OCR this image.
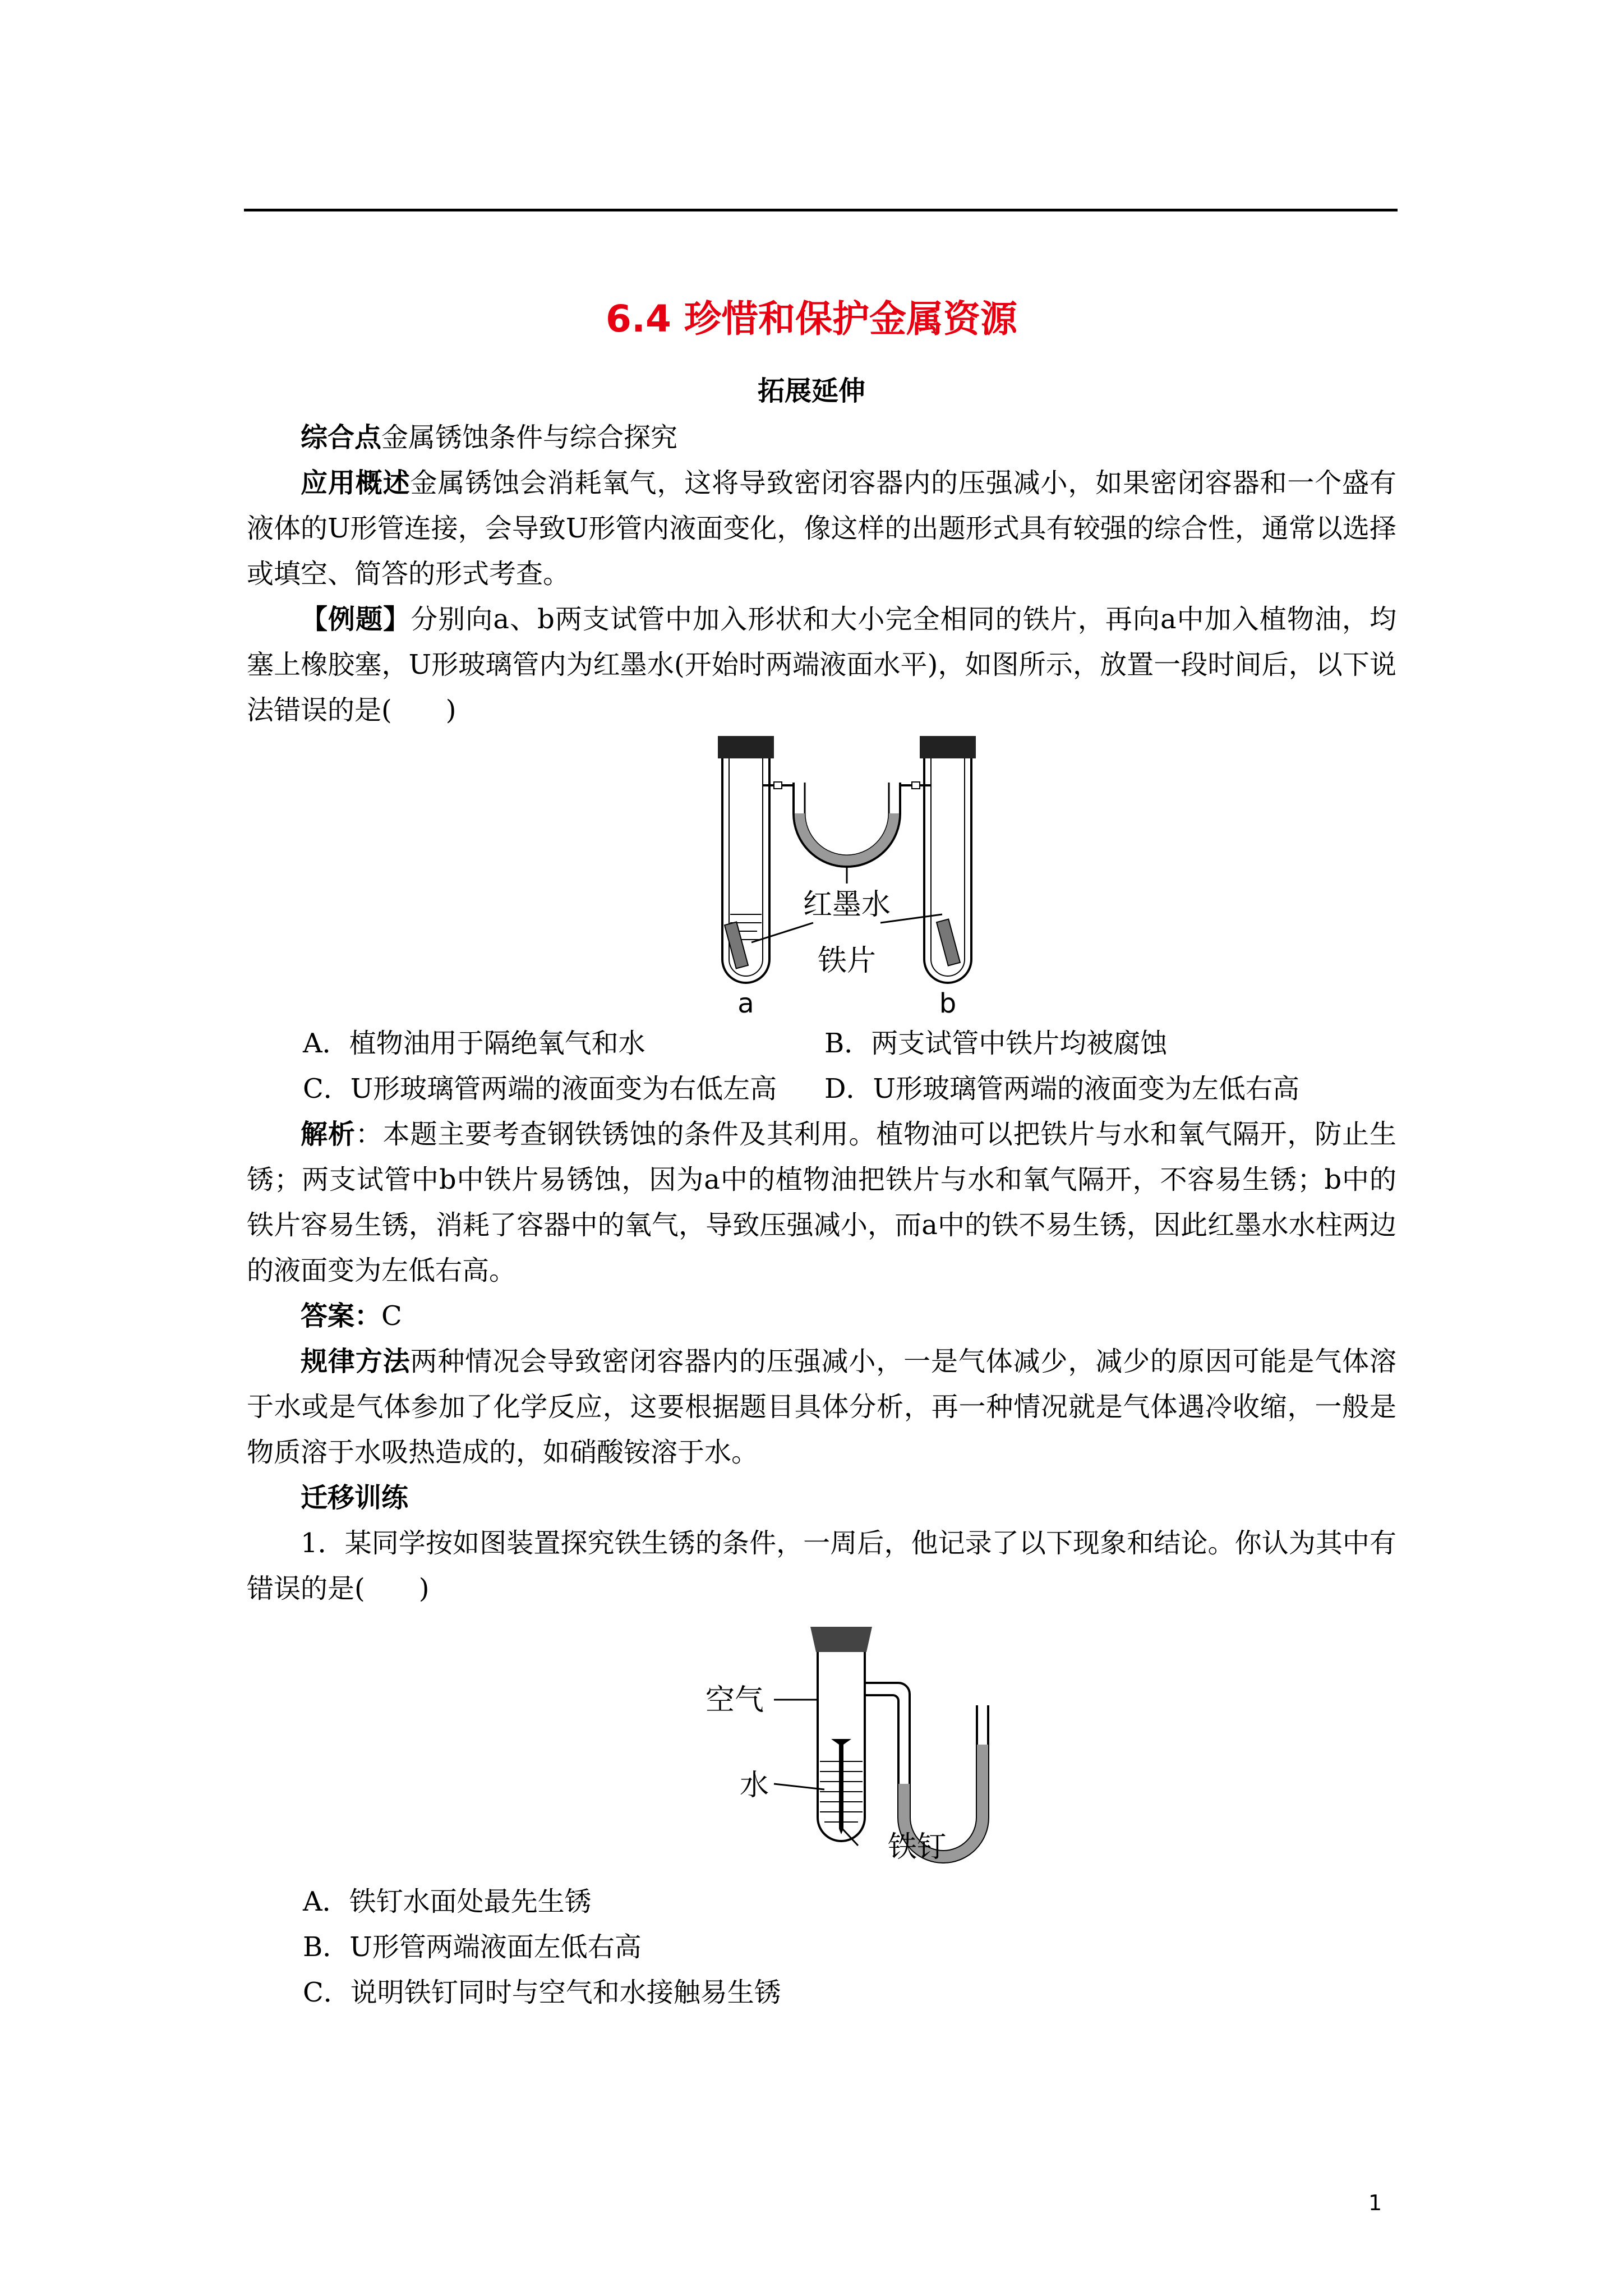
6.4 珍惜和保护金属资源
拓展延伸
综合点金属锈蚀条件与综合探究
应用概述金属锈蚀会消耗氧气，这将导致密闭容器内的压强减小，如果密闭容器和一个盛有液体的U形管连接，会导致U形管内液面变化，像这样的出题形式具有较强的综合性，通常以选择或填空、简答的形式考查。
【例题】分别向a、b两支试管中加入形状和大小完全相同的铁片，再向a中加入植物油，均塞上橡胶塞，U形玻璃管内为红墨水(开始时两端液面水平)，如图所示，放置一段时间后，以下说法错误的是(　　)
红墨水
铁片
a	b
A．植物油用于隔绝氧气和水	B．两支试管中铁片均被腐蚀
C．U形玻璃管两端的液面变为右低左高 D．U形玻璃管两端的液面变为左低右高
解析：本题主要考查钢铁锈蚀的条件及其利用。植物油可以把铁片与水和氧气隔开，防止生锈；两支试管中b中铁片易锈蚀，因为a中的植物油把铁片与水和氧气隔开，不容易生锈；b中的铁片容易生锈，消耗了容器中的氧气，导致压强减小，而a中的铁不易生锈，因此红墨水水柱两边的液面变为左低右高。
答案：C
规律方法两种情况会导致密闭容器内的压强减小，一是气体减少，减少的原因可能是气体溶于水或是气体参加了化学反应，这要根据题目具体分析，再一种情况就是气体遇冷收缩，一般是物质溶于水吸热造成的，如硝酸铵溶于水。
迁移训练
1．某同学按如图装置探究铁生锈的条件，一周后，他记录了以下现象和结论。你认为其中有错误的是(　　)
空气
水
铁钉
A．铁钉水面处最先生锈
B．U形管两端液面左低右高
C．说明铁钉同时与空气和水接触易生锈
1
